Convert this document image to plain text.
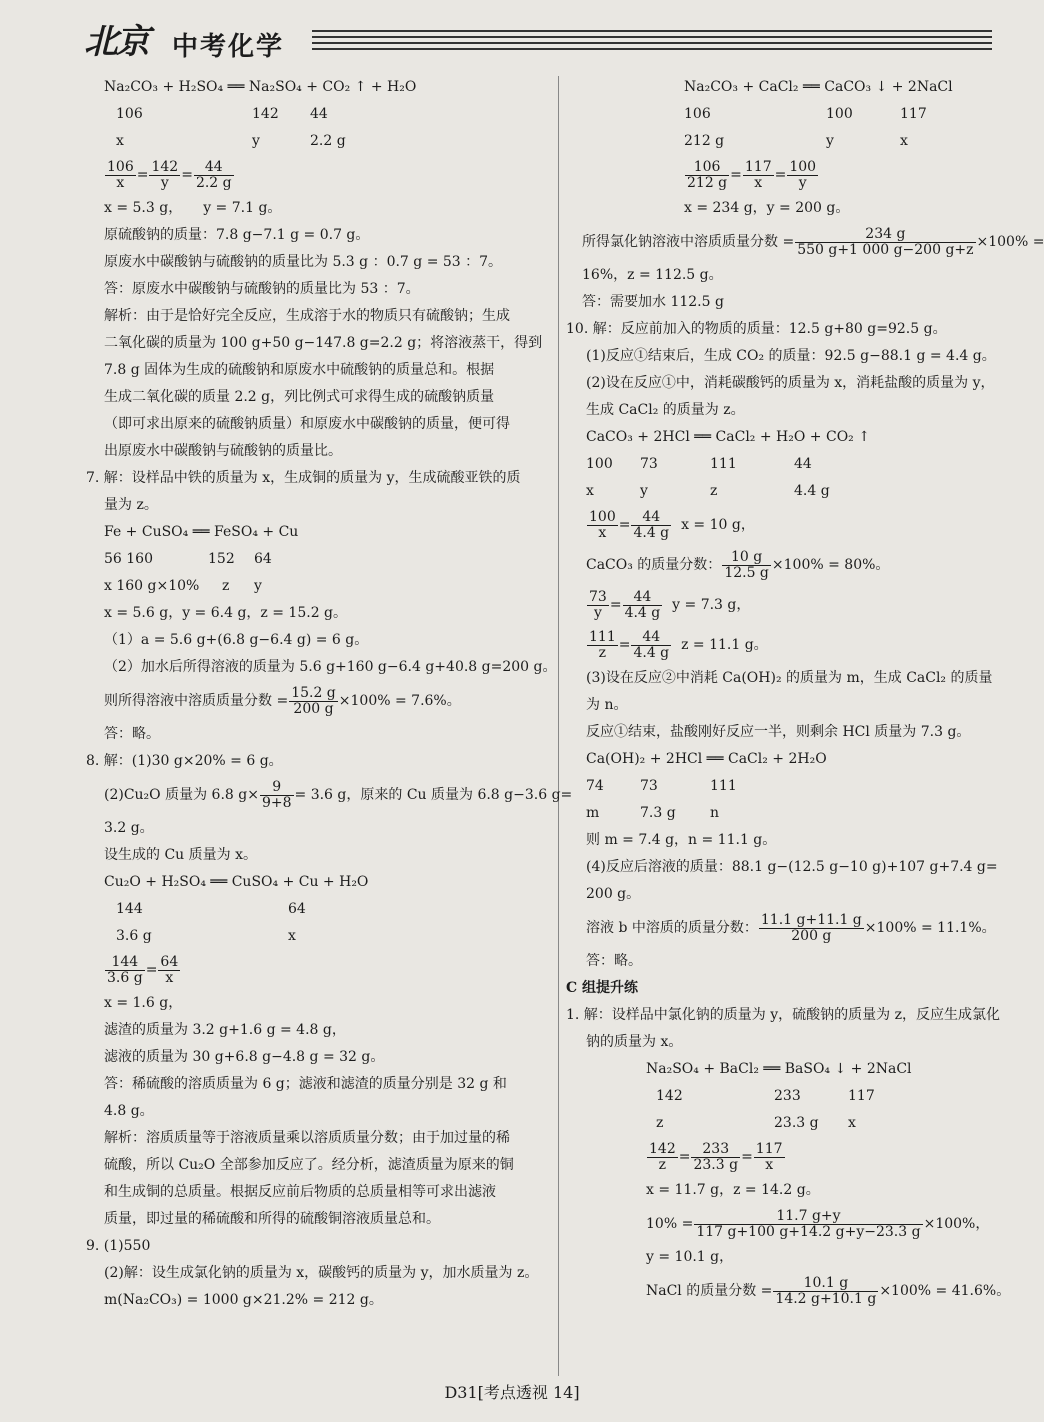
北京 中考化学
Na₂CO₃ + H₂SO₄ ══ Na₂SO₄ + CO₂ ↑ + H₂O
106	142 44
x	y	2.2 g
$\frac{106}{x} = \frac{142}{y} = \frac{44}{2.2 g}$
x = 5.3 g，　　y = 7.1 g。
原硫酸钠的质量：7.8 g−7.1 g = 0.7 g。
原废水中碳酸钠与硫酸钠的质量比为 5.3 g ：0.7 g = 53 ：7。
答：原废水中碳酸钠与硫酸钠的质量比为 53 ：7。
解析：由于是恰好完全反应，生成溶于水的物质只有硫酸钠；生成
二氧化碳的质量为 100 g+50 g−147.8 g=2.2 g；将溶液蒸干，得到
7.8 g 固体为生成的硫酸钠和原废水中硫酸钠的质量总和。根据
生成二氧化碳的质量 2.2 g，列比例式可求得生成的硫酸钠质量
（即可求出原来的硫酸钠质量）和原废水中碳酸钠的质量，便可得
出原废水中碳酸钠与硫酸钠的质量比。
7. 解：设样品中铁的质量为 x，生成铜的质量为 y，生成硫酸亚铁的质
量为 z。
Fe + CuSO₄ ══ FeSO₄ + Cu
56 160	152 64
x 160 g×10% z y
x = 5.6 g，y = 6.4 g，z = 15.2 g。
（1）a = 5.6 g+(6.8 g−6.4 g) = 6 g。
（2）加水后所得溶液的质量为 5.6 g+160 g−6.4 g+40.8 g=200 g。
则所得溶液中溶质质量分数 = $\frac{15.2 g}{200 g} \times 100\% = 7.6\%$。
答：略。
8. 解：(1)30 g×20% = 6 g。
(2)Cu₂O 质量为 6.8 $g\times \frac{9}{9+8} = 3.6$ g，原来的 Cu 质量为 6.8 g−3.6 g=
3.2 g。
设生成的 Cu 质量为 x。
Cu₂O + H₂SO₄ ══ CuSO₄ + Cu + H₂O
144	64
3.6 g	x
$\frac{144}{3.6 g} = \frac{64}{x}$
x = 1.6 g，
滤渣的质量为 3.2 g+1.6 g = 4.8 g，
滤液的质量为 30 g+6.8 g−4.8 g = 32 g。
答：稀硫酸的溶质质量为 6 g；滤液和滤渣的质量分别是 32 g 和
4.8 g。
解析：溶质质量等于溶液质量乘以溶质质量分数；由于加过量的稀
硫酸，所以 Cu₂O 全部参加反应了。经分析，滤渣质量为原来的铜
和生成铜的总质量。根据反应前后物质的总质量相等可求出滤液
质量，即过量的稀硫酸和所得的硫酸铜溶液质量总和。
9. (1)550
(2)解：设生成氯化钠的质量为 x，碳酸钙的质量为 y，加水质量为 z。
m(Na₂CO₃) = 1000 g×21.2% = 212 g。
Na₂CO₃ + CaCl₂ ══ CaCO₃ ↓ + 2NaCl
106	100	117
212 g	y	x
$\frac{106}{212 g} = \frac{117}{x} = \frac{100}{y}$
x = 234 g，y = 200 g。
所得氯化钠溶液中溶质质量分数 = $\frac{234 g}{550 g+1 000 g-200 g+z} \times 100\%$ =
16%，z = 112.5 g。
答：需要加水 112.5 g
10. 解：反应前加入的物质的质量：12.5 g+80 g=92.5 g。
(1)反应①结束后，生成 CO₂ 的质量：92.5 g−88.1 g = 4.4 g。
(2)设在反应①中，消耗碳酸钙的质量为 x，消耗盐酸的质量为 y，
生成 CaCl₂ 的质量为 z。
CaCO₃ + 2HCl ══ CaCl₂ + H₂O + CO₂ ↑
100 73	111	44
x	y	z	4.4 g
$\frac{100}{x} = \frac{44}{4.4 g}$ x = 10 g，
CaCO₃ 的质量分数： $\frac{10 g}{12.5 g} \times 100\% = 80\%$。
$\frac{73}{y} = \frac{44}{4.4 g}$ y = 7.3 g，
$\frac{111}{z} = \frac{44}{4.4 g}$ z = 11.1 g。
(3)设在反应②中消耗 Ca(OH)₂ 的质量为 m，生成 CaCl₂ 的质量
为 n。
反应①结束，盐酸刚好反应一半，则剩余 HCl 质量为 7.3 g。
Ca(OH)₂ + 2HCl ══ CaCl₂ + 2H₂O
74	73	111
m	7.3 g n
则 m = 7.4 g，n = 11.1 g。
(4)反应后溶液的质量：88.1 g−(12.5 g−10 g)+107 g+7.4 g=
200 g。
溶液 b 中溶质的质量分数： $\frac{11.1 g+11.1 g}{200 g} \times 100\% = 11.1\%$。
答：略。
C 组提升练
1. 解：设样品中氯化钠的质量为 y，硫酸钠的质量为 z，反应生成氯化
钠的质量为 x。
Na₂SO₄ + BaCl₂ ══ BaSO₄ ↓ + 2NaCl
142	233	117
z	23.3 g x
$\frac{142}{z} = \frac{233}{23.3 g} = \frac{117}{x}$
x = 11.7 g，z = 14.2 g。
$10\% = \frac{11.7 g+y}{117 g+100 g+14.2 g+y-23.3 g} \times 100\%$，
y = 10.1 g，
NaCl 的质量分数 = $\frac{10.1 g}{14.2 g+10.1 g} \times 100\% = 41.6\%$。
D31[考点透视 14]
